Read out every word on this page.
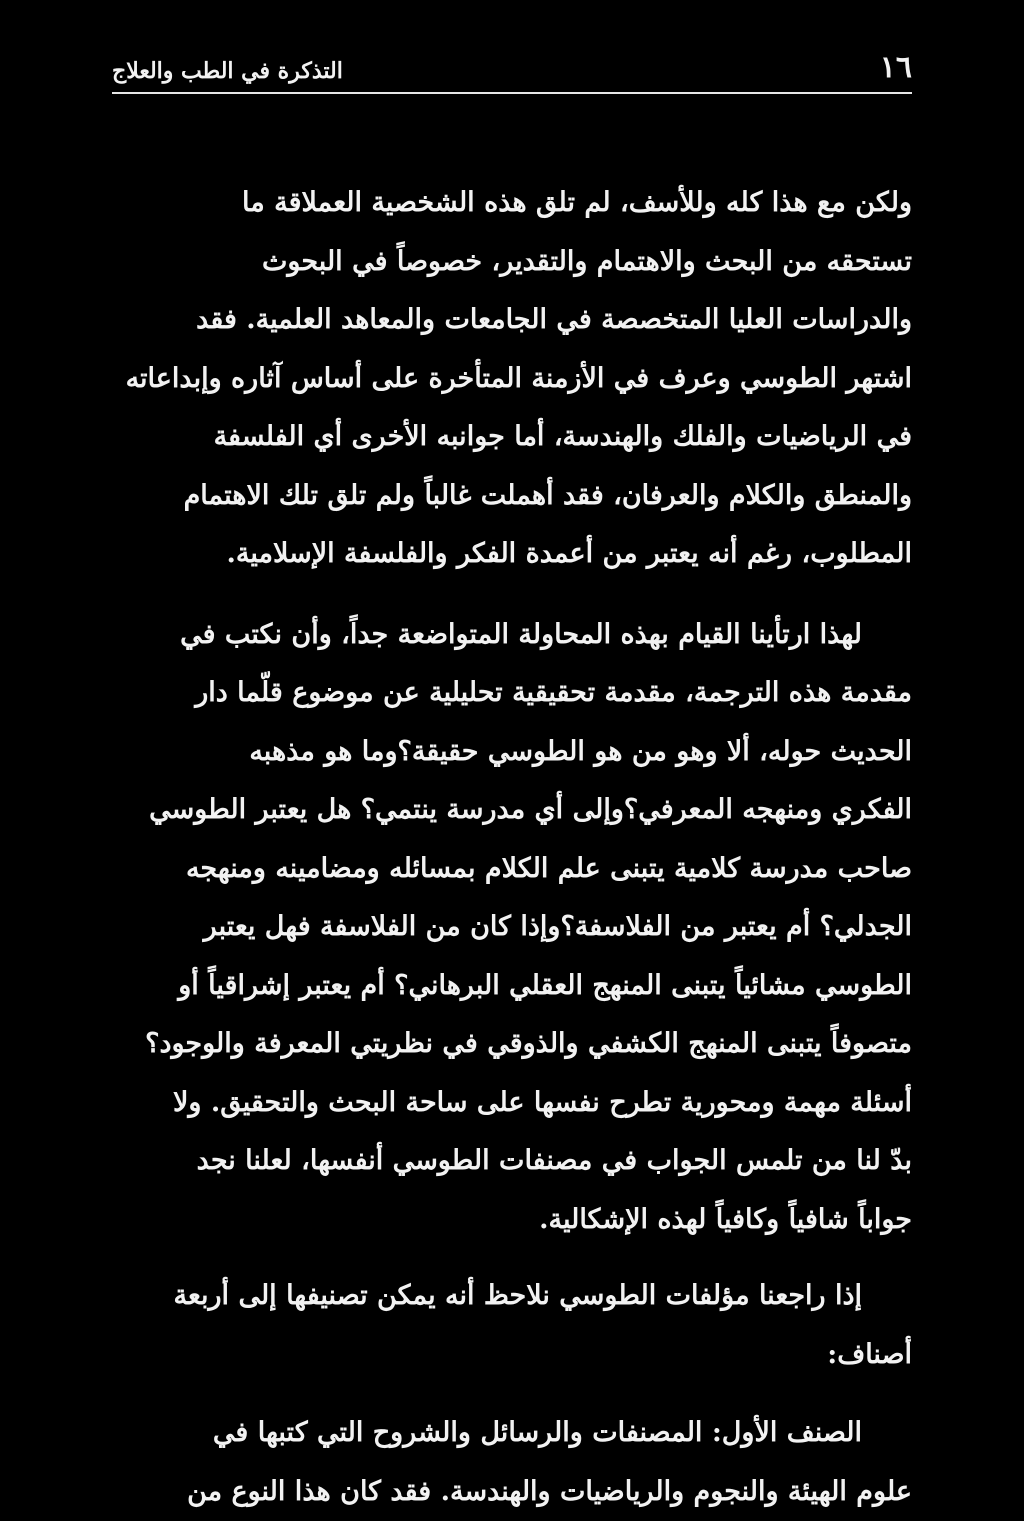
١٦
التذكرة في الطب والعلاج
ولكن مع هذا كله وللأسف، لم تلق هذه الشخصية العملاقة ما
تستحقه من البحث والاهتمام والتقدير، خصوصاً في البحوث
والدراسات العليا المتخصصة في الجامعات والمعاهد العلمية. فقد
اشتهر الطوسي وعرف في الأزمنة المتأخرة على أساس آثاره وإبداعاته
في الرياضيات والفلك والهندسة، أما جوانبه الأخرى أي الفلسفة
والمنطق والكلام والعرفان، فقد أهملت غالباً ولم تلق تلك الاهتمام
المطلوب، رغم أنه يعتبر من أعمدة الفكر والفلسفة الإسلامية.
لهذا ارتأينا القيام بهذه المحاولة المتواضعة جداً، وأن نكتب في
مقدمة هذه الترجمة، مقدمة تحقيقية تحليلية عن موضوع قلّما دار
الحديث حوله، ألا وهو من هو الطوسي حقيقة؟وما هو مذهبه
الفكري ومنهجه المعرفي؟وإلى أي مدرسة ينتمي؟ هل يعتبر الطوسي
صاحب مدرسة كلامية يتبنى علم الكلام بمسائله ومضامينه ومنهجه
الجدلي؟ أم يعتبر من الفلاسفة؟وإذا كان من الفلاسفة فهل يعتبر
الطوسي مشائياً يتبنى المنهج العقلي البرهاني؟ أم يعتبر إشراقياً أو
متصوفاً يتبنى المنهج الكشفي والذوقي في نظريتي المعرفة والوجود؟
أسئلة مهمة ومحورية تطرح نفسها على ساحة البحث والتحقيق. ولا
بدّ لنا من تلمس الجواب في مصنفات الطوسي أنفسها، لعلنا نجد
جواباً شافياً وكافياً لهذه الإشكالية.
إذا راجعنا مؤلفات الطوسي نلاحظ أنه يمكن تصنيفها إلى أربعة
أصناف:
الصنف الأول: المصنفات والرسائل والشروح التي كتبها في
علوم الهيئة والنجوم والرياضيات والهندسة. فقد كان هذا النوع من
